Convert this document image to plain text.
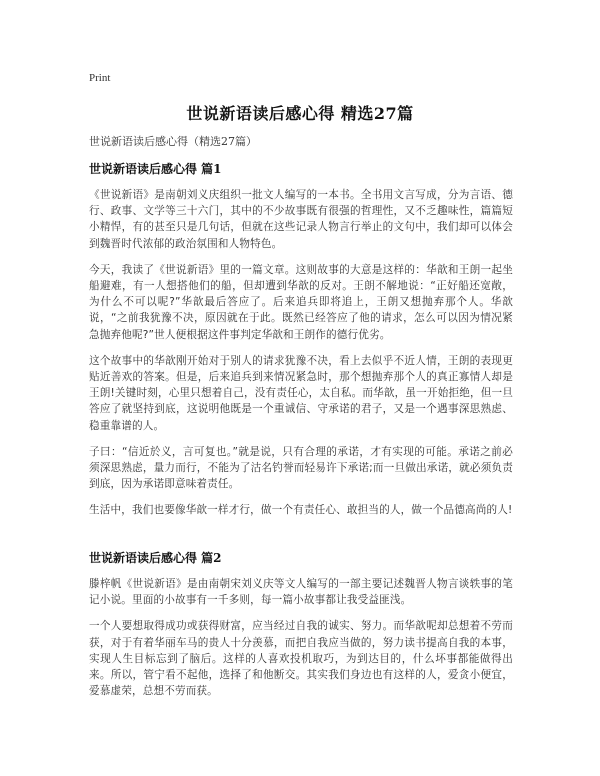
Print
世说新语读后感心得 精选27篇
世说新语读后感心得（精选27篇）
世说新语读后感心得 篇1
《世说新语》是南朝刘义庆组织一批文人编写的一本书。全书用文言写成，分为言语、德行、政事、文学等三十六门，其中的不少故事既有很强的哲理性，又不乏趣味性，篇篇短小精悍，有的甚至只是几句话，但就在这些记录人物言行举止的文句中，我们却可以体会到魏晋时代浓郁的政治氛围和人物特色。
今天，我读了《世说新语》里的一篇文章。这则故事的大意是这样的：华歆和王朗一起坐船避难，有一人想搭他们的船，但却遭到华歆的反对。王朗不解地说：“正好船还宽敞，为什么不可以呢?”华歆最后答应了。后来追兵即将追上，王朗又想抛弃那个人。华歆说，“之前我犹豫不决，原因就在于此。既然已经答应了他的请求，怎么可以因为情况紧急抛弃他呢?”世人便根据这件事判定华歆和王朗作的德行优劣。
这个故事中的华歆刚开始对于别人的请求犹豫不决，看上去似乎不近人情，王朗的表现更贴近善欢的答案。但是，后来追兵到来情况紧急时，那个想抛弃那个人的真正寡情人却是王朗!关键时刻，心里只想着自己，没有责任心，太自私。而华歆，虽一开始拒绝，但一旦答应了就坚持到底，这说明他既是一个重诚信、守承诺的君子，又是一个遇事深思熟虑、稳重靠谱的人。
子曰：“信近於义，言可复也。”就是说，只有合理的承诺，才有实现的可能。承诺之前必须深思熟虑，量力而行，不能为了沽名钓誉而轻易许下承诺;而一旦做出承诺，就必须负责到底，因为承诺即意味着责任。
生活中，我们也要像华歆一样才行，做一个有责任心、敢担当的人，做一个品德高尚的人!
世说新语读后感心得 篇2
滕梓帆《世说新语》是由南朝宋刘义庆等文人编写的一部主要记述魏晋人物言谈轶事的笔记小说。里面的小故事有一千多则，每一篇小故事都让我受益匪浅。
一个人要想取得成功或获得财富，应当经过自我的诚实、努力。而华歆呢却总想着不劳而获，对于有着华丽车马的贵人十分羡慕，而把自我应当做的，努力读书提高自我的本事，实现人生目标忘到了脑后。这样的人喜欢投机取巧，为到达目的，什么坏事都能做得出来。所以，管宁看不起他，选择了和他断交。其实我们身边也有这样的人，爱贪小便宜，爱慕虚荣，总想不劳而获。
